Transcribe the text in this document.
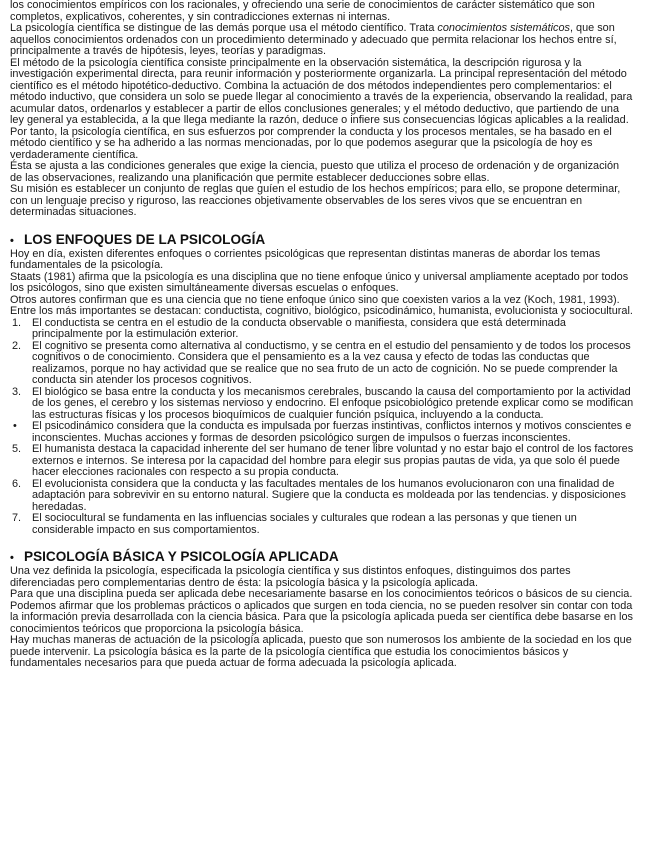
los conocimientos empíricos con los racionales, y ofreciendo una serie de conocimientos de carácter sistemático que son completos, explicativos, coherentes, y sin contradicciones externas ni internas.

La psicología científica se distingue de las demás porque usa el método científico. Trata conocimientos sistemáticos, que son aquellos conocimientos ordenados con un procedimiento determinado y adecuado que permita relacionar los hechos entre sí, principalmente a través de hipótesis, leyes, teorías y paradigmas.

El método de la psicología científica consiste principalmente en la observación sistemática, la descripción rigurosa y la investigación experimental directa, para reunir información y posteriormente organizarla. La principal representación del método científico es el método hipotético-deductivo. Combina la actuación de dos métodos independientes pero complementarios: el método inductivo, que considera un solo se puede llegar al conocimiento a través de la experiencia, observando la realidad, para acumular datos, ordenarlos y establecer a partir de ellos conclusiones generales; y el método deductivo, que partiendo de una ley general ya establecida, a la que llega mediante la razón, deduce o infiere sus consecuencias lógicas aplicables a la realidad.

Por tanto, la psicología científica, en sus esfuerzos por comprender la conducta y los procesos mentales, se ha basado en el método científico y se ha adherido a las normas mencionadas, por lo que podemos asegurar que la psicología de hoy es verdaderamente científica.

Ésta se ajusta a las condiciones generales que exige la ciencia, puesto que utiliza el proceso de ordenación y de organización de las observaciones, realizando una planificación que permite establecer deducciones sobre ellas.

Su misión es establecer un conjunto de reglas que guíen el estudio de los hechos empíricos; para ello, se propone determinar, con un lenguaje preciso y riguroso, las reacciones objetivamente observables de los seres vivos que se encuentran en determinadas situaciones.

• LOS ENFOQUES DE LA PSICOLOGÍA

Hoy en día, existen diferentes enfoques o corrientes psicológicas que representan distintas maneras de abordar los temas fundamentales de la psicología.

Staats (1981) afirma que la psicología es una disciplina que no tiene enfoque único y universal ampliamente aceptado por todos los psicólogos, sino que existen simultáneamente diversas escuelas o enfoques.

Otros autores confirman que es una ciencia que no tiene enfoque único sino que coexisten varios a la vez (Koch, 1981, 1993).

Entre los más importantes se destacan: conductista, cognitivo, biológico, psicodinámico, humanista, evolucionista y sociocultural.

1. El conductista se centra en el estudio de la conducta observable o manifiesta, considera que está determinada principalmente por la estimulación exterior.
2. El cognitivo se presenta como alternativa al conductismo, y se centra en el estudio del pensamiento y de todos los procesos cognitivos o de conocimiento. Considera que el pensamiento es a la vez causa y efecto de todas las conductas que realizamos, porque no hay actividad que se realice que no sea fruto de un acto de cognición. No se puede comprender la conducta sin atender los procesos cognitivos.
3. El biológico se basa entre la conducta y los mecanismos cerebrales, buscando la causa del comportamiento por la actividad de los genes, el cerebro y los sistemas nervioso y endocrino. El enfoque psicobiológico pretende explicar como se modifican las estructuras físicas y los procesos bioquímicos de cualquier función psíquica, incluyendo a la conducta.
• El psicodinámico considera que la conducta es impulsada por fuerzas instintivas, conflictos internos y motivos conscientes e inconscientes. Muchas acciones y formas de desorden psicológico surgen de impulsos o fuerzas inconscientes.
5. El humanista destaca la capacidad inherente del ser humano de tener libre voluntad y no estar bajo el control de los factores externos e internos. Se interesa por la capacidad del hombre para elegir sus propias pautas de vida, ya que solo él puede hacer elecciones racionales con respecto a su propia conducta.
6. El evolucionista considera que la conducta y las facultades mentales de los humanos evolucionaron con una finalidad de adaptación para sobrevivir en su entorno natural. Sugiere que la conducta es moldeada por las tendencias. y disposiciones heredadas.
7. El sociocultural se fundamenta en las influencias sociales y culturales que rodean a las personas y que tienen un considerable impacto en sus comportamientos.
• PSICOLOGÍA BÁSICA Y PSICOLOGÍA APLICADA

Una vez definida la psicología, especificada la psicología científica y sus distintos enfoques, distinguimos dos partes diferenciadas pero complementarias dentro de ésta: la psicología básica y la psicología aplicada.

Para que una disciplina pueda ser aplicada debe necesariamente basarse en los conocimientos teóricos o básicos de su ciencia. Podemos afirmar que los problemas prácticos o aplicados que surgen en toda ciencia, no se pueden resolver sin contar con toda la información previa desarrollada con la ciencia básica. Para que la psicología aplicada pueda ser científica debe basarse en los conocimientos teóricos que proporciona la psicología básica.

Hay muchas maneras de actuación de la psicología aplicada, puesto que son numerosos los ambiente de la sociedad en los que puede intervenir. La psicología básica es la parte de la psicología científica que estudia los conocimientos básicos y fundamentales necesarios para que pueda actuar de forma adecuada la psicología aplicada.
